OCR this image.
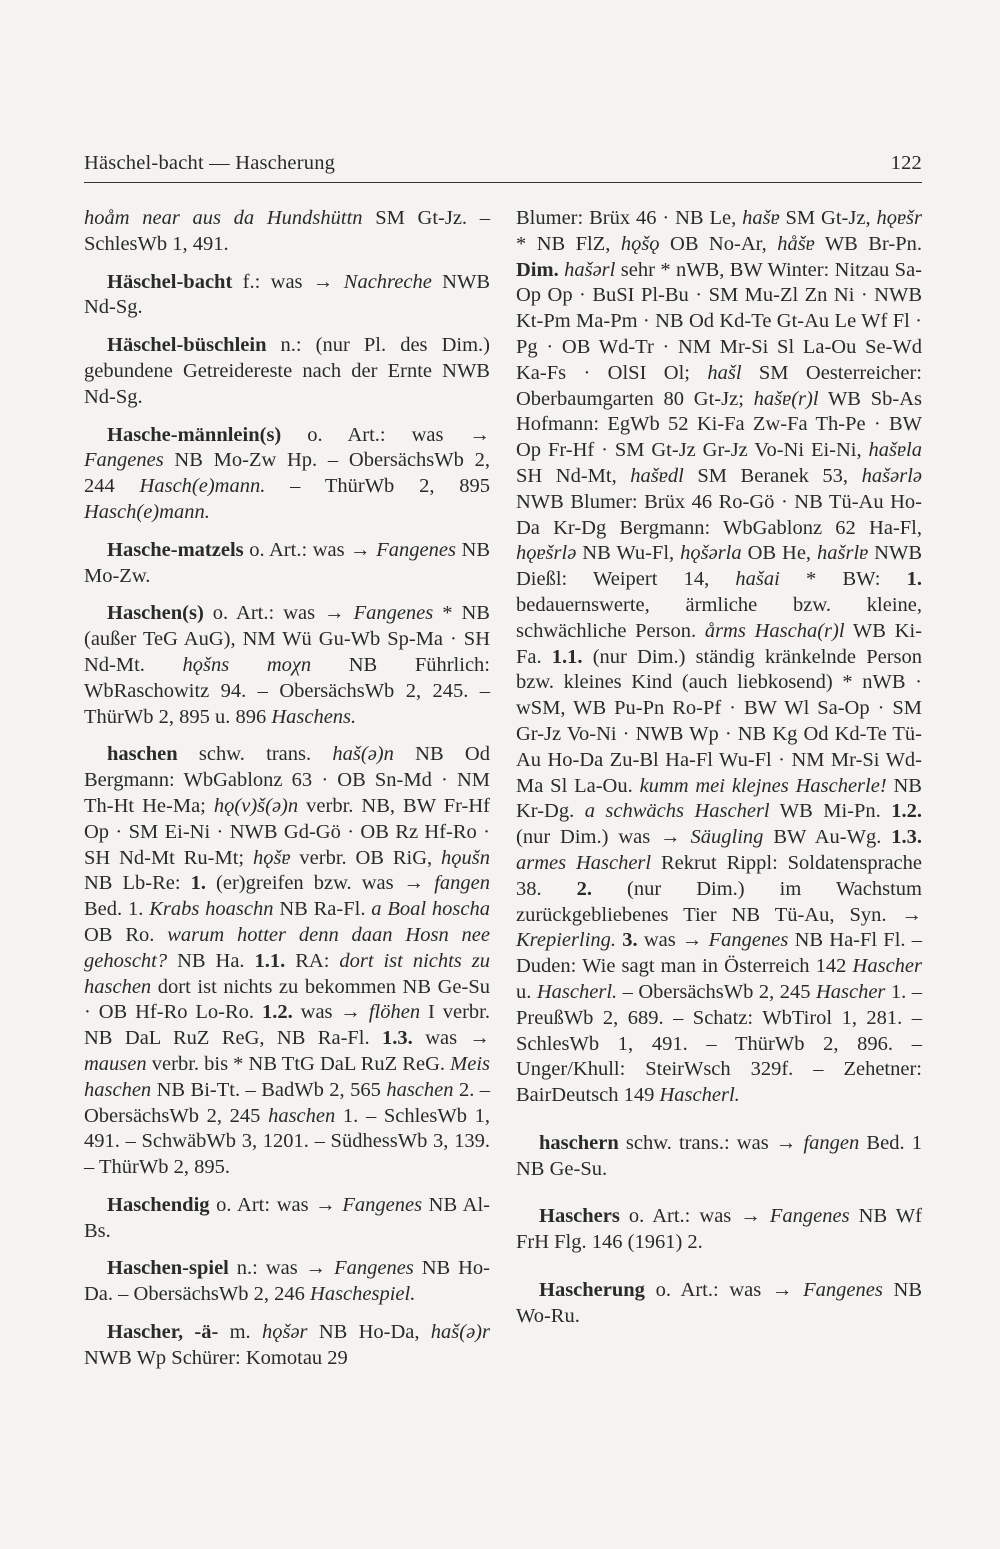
Häschel-bacht — Hascherung	122

hoåm near aus da Hundshüttn SM Gt-Jz. – SchlesWb 1, 491.

Häschel-bacht f.: was → Nachreche NWB Nd-Sg.

Häschel-büschlein n.: (nur Pl. des Dim.) gebundene Getreidereste nach der Ernte NWB Nd-Sg.

Hasche-männlein(s) o. Art.: was → Fangenes NB Mo-Zw Hp. – ObersächsWb 2, 244 Hasch(e)mann. – ThürWb 2, 895 Hasch(e)mann.

Hasche-matzels o. Art.: was → Fangenes NB Mo-Zw.

Haschen(s) o. Art.: was → Fangenes * NB (außer TeG AuG), NM Wü Gu-Wb Sp-Ma · SH Nd-Mt. hǫšns moχn NB Führlich: WbRaschowitz 94. – ObersächsWb 2, 245. – ThürWb 2, 895 u. 896 Haschens.

haschen schw. trans. haš(ə)n NB Od Bergmann: WbGablonz 63 · OB Sn-Md · NM Th-Ht He-Ma; hǫ(v)š(ə)n verbr. NB, BW Fr-Hf Op · SM Ei-Ni · NWB Gd-Gö · OB Rz Hf-Ro · SH Nd-Mt Ru-Mt; hǫšɐ verbr. OB RiG, hǫušn NB Lb-Re: 1. (er)greifen bzw. was → fangen Bed. 1. Krabs hoaschn NB Ra-Fl. a Boal hoscha OB Ro. warum hotter denn daan Hosn nee gehoscht? NB Ha. 1.1. RA: dort ist nichts zu haschen dort ist nichts zu bekommen NB Ge-Su · OB Hf-Ro Lo-Ro. 1.2. was → flöhen I verbr. NB DaL RuZ ReG, NB Ra-Fl. 1.3. was → mausen verbr. bis * NB TtG DaL RuZ ReG. Meis haschen NB Bi-Tt. – BadWb 2, 565 haschen 2. – ObersächsWb 2, 245 haschen 1. – SchlesWb 1, 491. – SchwäbWb 3, 1201. – SüdhessWb 3, 139. – ThürWb 2, 895.

Haschendig o. Art: was → Fangenes NB Al-Bs.

Haschen-spiel n.: was → Fangenes NB Ho-Da. – ObersächsWb 2, 246 Haschespiel.

Hascher, -ä- m. hǫšər NB Ho-Da, haš(ə)r NWB Wp Schürer: Komotau 29

Blumer: Brüx 46 · NB Le, hašɐ SM Gt-Jz, hǫɐšr * NB FlZ, hǫšǫ OB No-Ar, håšɐ WB Br-Pn. Dim. hašərl sehr * nWB, BW Winter: Nitzau Sa-Op Op · BuSI Pl-Bu · SM Mu-Zl Zn Ni · NWB Kt-Pm Ma-Pm · NB Od Kd-Te Gt-Au Le Wf Fl · Pg · OB Wd-Tr · NM Mr-Si Sl La-Ou Se-Wd Ka-Fs · OlSI Ol; hašl SM Oesterreicher: Oberbaumgarten 80 Gt-Jz; hašɐ(r)l WB Sb-As Hofmann: EgWb 52 Ki-Fa Zw-Fa Th-Pe · BW Op Fr-Hf · SM Gt-Jz Gr-Jz Vo-Ni Ei-Ni, hašɐla SH Nd-Mt, hašɐdl SM Beranek 53, hašərlə NWB Blumer: Brüx 46 Ro-Gö · NB Tü-Au Ho-Da Kr-Dg Bergmann: WbGablonz 62 Ha-Fl, hǫɐšrlə NB Wu-Fl, hǫšərla OB He, hašrlɐ NWB Dießl: Weipert 14, hašai * BW: 1. bedauernswerte, ärmliche bzw. kleine, schwächliche Person. årms Hascha(r)l WB Ki-Fa. 1.1. (nur Dim.) ständig kränkelnde Person bzw. kleines Kind (auch liebkosend) * nWB · wSM, WB Pu-Pn Ro-Pf · BW Wl Sa-Op · SM Gr-Jz Vo-Ni · NWB Wp · NB Kg Od Kd-Te Tü-Au Ho-Da Zu-Bl Ha-Fl Wu-Fl · NM Mr-Si Wd-Ma Sl La-Ou. kumm mei klejnes Hascherle! NB Kr-Dg. a schwächs Hascherl WB Mi-Pn. 1.2. (nur Dim.) was → Säugling BW Au-Wg. 1.3. armes Hascherl Rekrut Rippl: Soldatensprache 38. 2. (nur Dim.) im Wachstum zurückgebliebenes Tier NB Tü-Au, Syn. → Krepierling. 3. was → Fangenes NB Ha-Fl Fl. – Duden: Wie sagt man in Österreich 142 Hascher u. Hascherl. – ObersächsWb 2, 245 Hascher 1. – PreußWb 2, 689. – Schatz: WbTirol 1, 281. – SchlesWb 1, 491. – ThürWb 2, 896. – Unger/Khull: SteirWsch 329f. – Zehetner: BairDeutsch 149 Hascherl.

haschern schw. trans.: was → fangen Bed. 1 NB Ge-Su.

Haschers o. Art.: was → Fangenes NB Wf FrH Flg. 146 (1961) 2.

Hascherung o. Art.: was → Fangenes NB Wo-Ru.
